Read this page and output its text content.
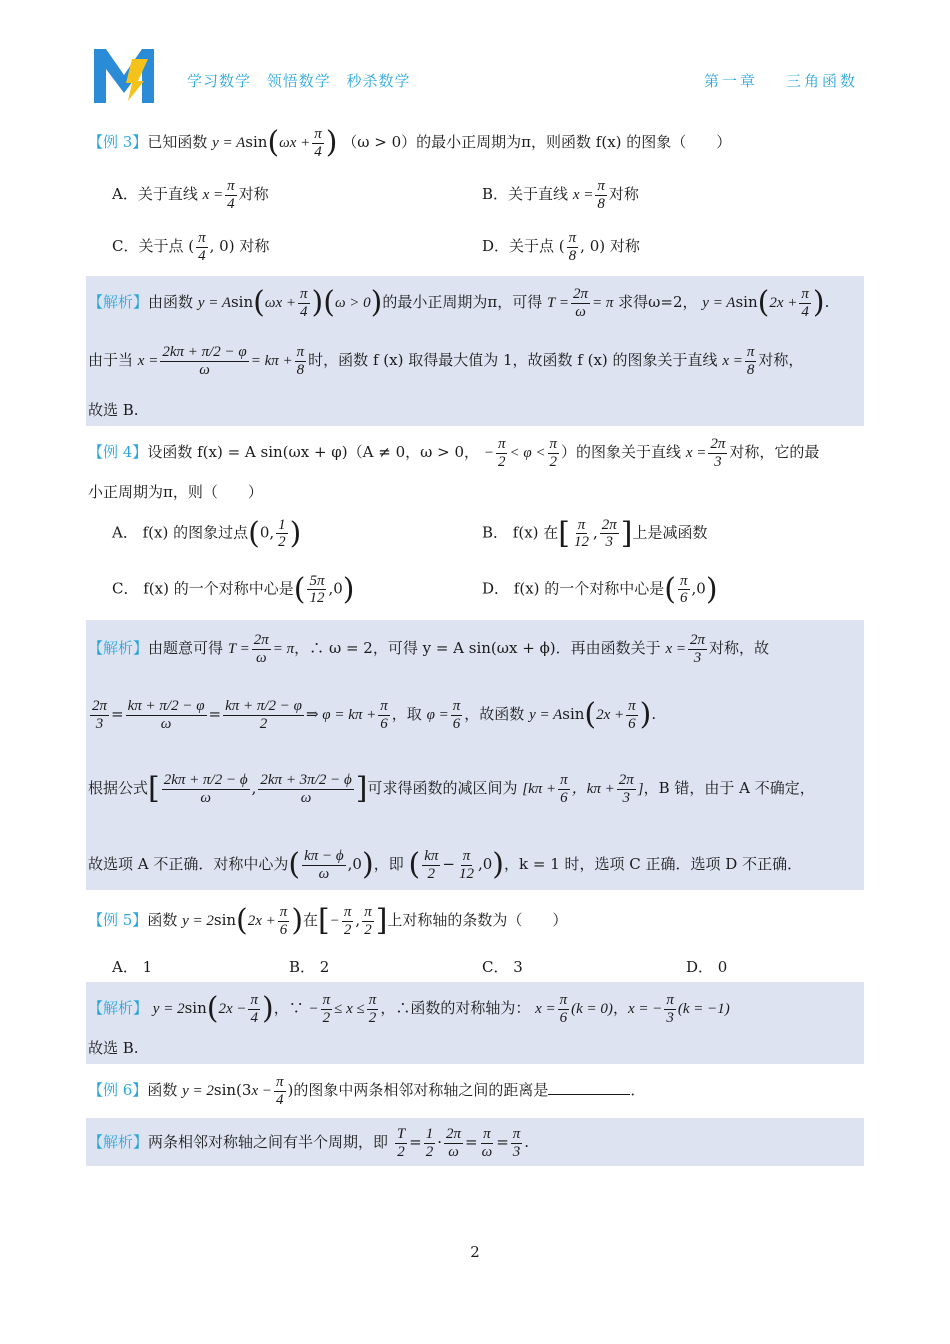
学习数学 领悟数学 秒杀数学	第一章 三角函数
【例 3】已知函数 $y = Asin(\omega x + \frac{\pi}{4}$ ) （ω > 0）的最小正周期为π，则函数 f(x) 的图象（　　）
A．关于直线 $x = \frac{\pi}{4}$ 对称	B．关于直线 $x = \frac{\pi}{8}$ 对称
C．关于点 ( $\frac{\pi}{4}$ , 0) 对称	D．关于点 ( $\frac{\pi}{8}$ , 0) 对称
【解析】由函数 $y = Asin(\omega x + \frac{\pi}{4} )(\omega > 0)$的最小正周期为π，可得 $T = \frac{2\pi}{\omega} = \pi$ 求得ω=2， $y = Asin(2x + \frac{\pi}{4}$ ).
由于当 $x = \frac{2k\pi + \pi/2 - \varphi}{\omega} = k\pi + \frac{\pi}{8}$ 时，函数 f (x) 取得最大值为 1，故函数 f (x) 的图象关于直线 $x = \frac{\pi}{8}$ 对称，
故选 B.
【例 4】设函数 f(x) = A sin(ωx + φ)（A ≠ 0，ω > 0， − $\frac{\pi}{2} < \varphi < \frac{\pi}{2}$ ）的图象关于直线 $x = \frac{2\pi}{3}$ 对称，它的最
小正周期为π，则（　　）
A． f(x) 的图象过点(0, $\frac{1}{2}$ )	B． f(x) 在[ $\frac{\pi}{12}$ , $\frac{2\pi}{3}$ ]上是减函数
C． f(x) 的一个对称中心是( $\frac{5\pi}{12} ,0$)	D． f(x) 的一个对称中心是( $\frac{\pi}{6} ,0$)
【解析】由题意可得 $T = \frac{2\pi}{\omega} = \pi$，∴ ω = 2，可得 y = A sin(ωx + ϕ)．再由函数关于 $x = \frac{2\pi}{3}$ 对称，故
$\frac{2\pi}{3} = \frac{k\pi + \pi/2 - \varphi}{\omega} = \frac{k\pi + \pi/2 - \varphi}{2}$ ⇒ $\varphi = k\pi + \frac{\pi}{6}$ ，取 $\varphi = \frac{\pi}{6}$ ，故函数 $y = Asin(2x + \frac{\pi}{6}$ ).
根据公式[ $\frac{2k\pi + \pi/2 - \phi}{\omega}$ , $\frac{2k\pi + 3\pi/2 - \phi}{\omega}$ ]可求得函数的减区间为 [$k\pi + \frac{\pi}{6}$ ，$k\pi + \frac{2\pi}{3}$ ]，B 错，由于 A 不确定，
故选项 A 不正确．对称中心为( $\frac{k\pi - \phi}{\omega} ,0$)，即 ( $\frac{k\pi}{2} - \frac{\pi}{12} ,0$)，k = 1 时，选项 C 正确．选项 D 不正确．
【例 5】函数 $y = 2\sin(2x + \frac{\pi}{6}$ )在[− $\frac{\pi}{2}$ , $\frac{\pi}{2}$ ]上对称轴的条数为（　　）
A． 1	B． 2	C． 3	D． 0
【解析】 $y = 2\sin(2x - \frac{\pi}{4}$ )，∵ − $\frac{\pi}{2} \le x \le \frac{\pi}{2}$ ，∴函数的对称轴为： $x = \frac{\pi}{6} (k = 0)$，x = − $\frac{\pi}{3} (k = -1)$
故选 B.
【例 6】函数 $y = 2\sin(3x - \frac{\pi}{4}$ )的图象中两条相邻对称轴之间的距离是	．
【解析】两条相邻对称轴之间有半个周期，即 $\frac{T}{2} = \frac{1}{2} \cdot \frac{2\pi}{\omega} = \frac{\pi}{\omega} = \frac{\pi}{3}$ .
2
